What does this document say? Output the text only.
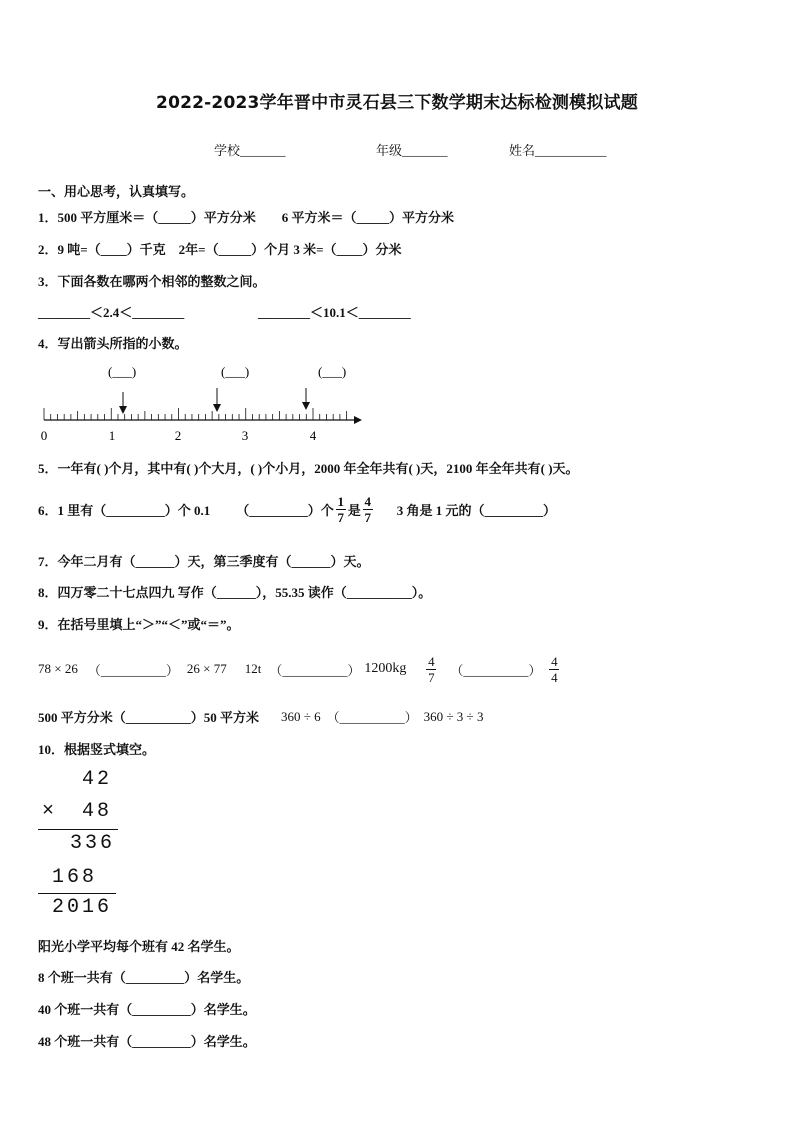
2022-2023学年晋中市灵石县三下数学期末达标检测模拟试题
学校_______	年级_______	姓名___________
一、用心思考，认真填写。
1．500 平方厘米＝（_____）平方分米　　6 平方米＝（_____）平方分米
2．9 吨=（____）千克　2年=（_____）个月 3 米=（____）分米
3．下面各数在哪两个相邻的整数之间。
________＜2.4＜________	________＜10.1＜________
4．写出箭头所指的小数。
(___)	(___)	(___)
0	1	2	3	4
5．一年有( )个月，其中有( )个大月，( )个小月，2000 年全年共有( )天，2100 年全年共有( )天。
6．1 里有（_________）个 0.1 （_________）个 $\frac{1}{7}$ 是 $\frac{4}{7} 3$ 角是 1 元的（_________）
7．今年二月有（______）天，第三季度有（______）天。
8．四万零二十七点四九 写作（______），55.35 读作（__________）。
9．在括号里填上“＞”“＜”或“＝”。
78 × 26 （__________） 26 × 77 12t （__________） $1200kg \frac{4}{7}$ （__________） $\frac{4}{4}$
500 平方分米（__________）50 平方米 360 ÷ 6 （__________） 360 ÷ 3 ÷ 3
10．根据竖式填空。
42
× 48
336
168
2016
阳光小学平均每个班有 42 名学生。
8 个班一共有（_________）名学生。
40 个班一共有（_________）名学生。
48 个班一共有（_________）名学生。
